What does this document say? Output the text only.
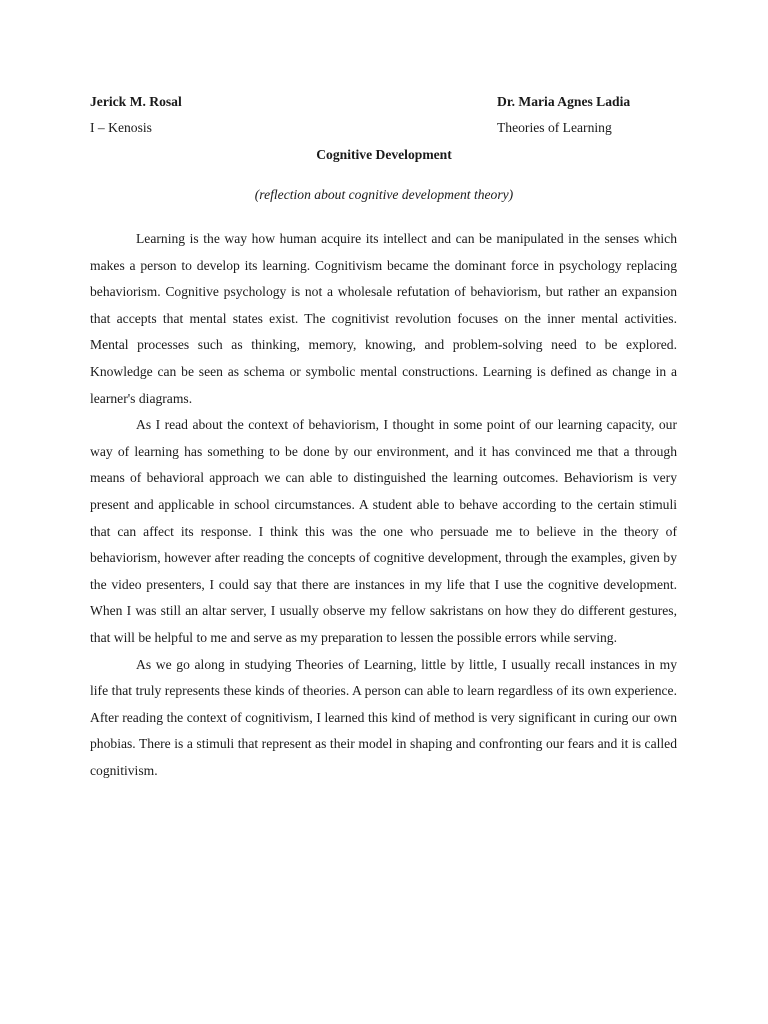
Jerick M. Rosal	Dr. Maria Agnes Ladia
I – Kenosis	Theories of Learning
Cognitive Development
(reflection about cognitive development theory)

Learning is the way how human acquire its intellect and can be manipulated in the senses which makes a person to develop its learning. Cognitivism became the dominant force in psychology replacing behaviorism. Cognitive psychology is not a wholesale refutation of behaviorism, but rather an expansion that accepts that mental states exist. The cognitivist revolution focuses on the inner mental activities. Mental processes such as thinking, memory, knowing, and problem-solving need to be explored. Knowledge can be seen as schema or symbolic mental constructions. Learning is defined as change in a learner's diagrams.

As I read about the context of behaviorism, I thought in some point of our learning capacity, our way of learning has something to be done by our environment, and it has convinced me that a through means of behavioral approach we can able to distinguished the learning outcomes. Behaviorism is very present and applicable in school circumstances. A student able to behave according to the certain stimuli that can affect its response. I think this was the one who persuade me to believe in the theory of behaviorism, however after reading the concepts of cognitive development, through the examples, given by the video presenters, I could say that there are instances in my life that I use the cognitive development. When I was still an altar server, I usually observe my fellow sakristans on how they do different gestures, that will be helpful to me and serve as my preparation to lessen the possible errors while serving.

As we go along in studying Theories of Learning, little by little, I usually recall instances in my life that truly represents these kinds of theories. A person can able to learn regardless of its own experience. After reading the context of cognitivism, I learned this kind of method is very significant in curing our own phobias. There is a stimuli that represent as their model in shaping and confronting our fears and it is called cognitivism.
